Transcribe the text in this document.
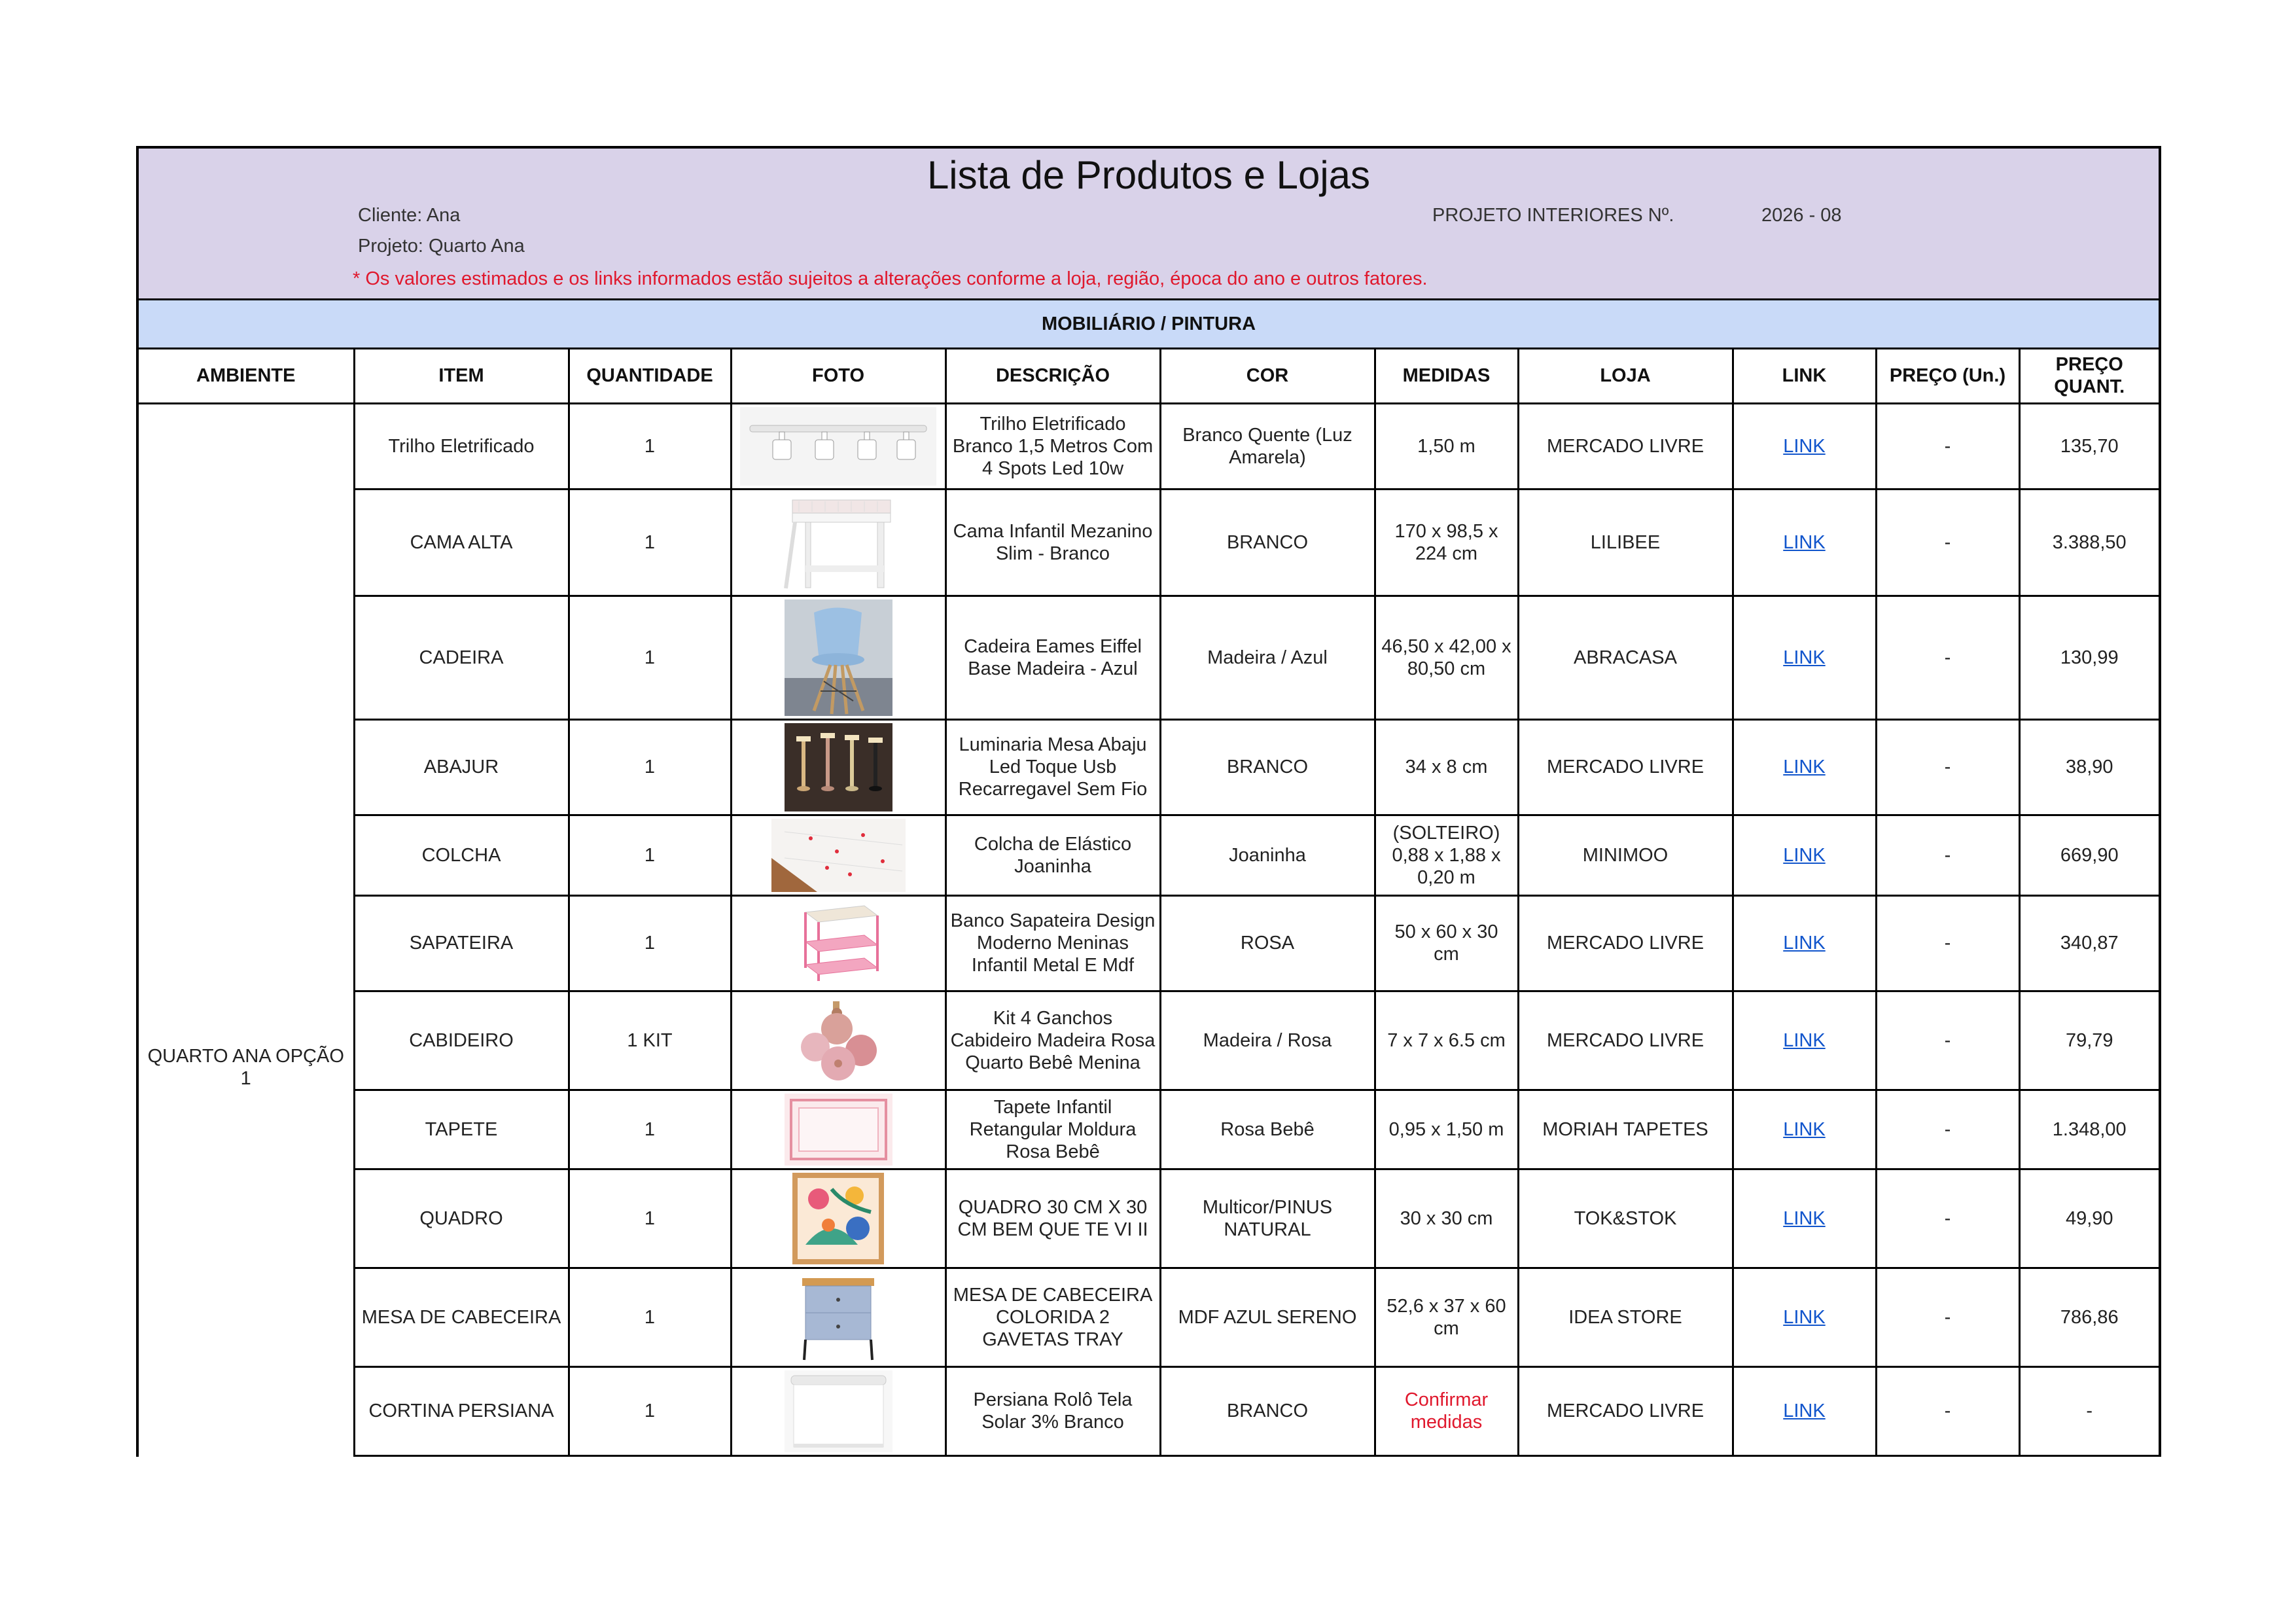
Lista de Produtos e Lojas
Cliente: Ana
Projeto: Quarto Ana
PROJETO INTERIORES Nº.	2026 - 08
* Os valores estimados e os links informados estão sujeitos a alterações conforme a loja, região, época do ano e outros fatores.
MOBILIÁRIO / PINTURA
AMBIENTE	ITEM	QUANTIDADE	FOTO	DESCRIÇÃO	COR	MEDIDAS	LOJA	LINK	PREÇO (Un.)	PREÇO QUANT.
QUARTO ANA OPÇÃO 1	Trilho Eletrificado	1		Trilho Eletrificado Branco 1,5 Metros Com 4 Spots Led 10w	Branco Quente (Luz Amarela)	1,50 m	MERCADO LIVRE	LINK	-	135,70
	CAMA ALTA	1		Cama Infantil Mezanino Slim - Branco	BRANCO	170 x 98,5 x 224 cm	LILIBEE	LINK	-	3.388,50
	CADEIRA	1		Cadeira Eames Eiffel Base Madeira - Azul	Madeira / Azul	46,50 x 42,00 x 80,50 cm	ABRACASA	LINK	-	130,99
	ABAJUR	1		Luminaria Mesa Abaju Led Toque Usb Recarregavel Sem Fio	BRANCO	34 x 8 cm	MERCADO LIVRE	LINK	-	38,90
	COLCHA	1		Colcha de Elástico Joaninha	Joaninha	(SOLTEIRO) 0,88 x 1,88 x 0,20 m	MINIMOO	LINK	-	669,90
	SAPATEIRA	1		Banco Sapateira Design Moderno Meninas Infantil Metal E Mdf	ROSA	50 x 60 x 30 cm	MERCADO LIVRE	LINK	-	340,87
	CABIDEIRO	1 KIT		Kit 4 Ganchos Cabideiro Madeira Rosa Quarto Bebê Menina	Madeira / Rosa	7 x 7 x 6.5 cm	MERCADO LIVRE	LINK	-	79,79
	TAPETE	1		Tapete Infantil Retangular Moldura Rosa Bebê	Rosa Bebê	0,95 x 1,50 m	MORIAH TAPETES	LINK	-	1.348,00
	QUADRO	1		QUADRO 30 CM X 30 CM BEM QUE TE VI II	Multicor/PINUS NATURAL	30 x 30 cm	TOK&STOK	LINK	-	49,90
	MESA DE CABECEIRA	1		MESA DE CABECEIRA COLORIDA 2 GAVETAS TRAY	MDF AZUL SERENO	52,6 x 37 x 60 cm	IDEA STORE	LINK	-	786,86
	CORTINA PERSIANA	1		Persiana Rolô Tela Solar 3% Branco	BRANCO	Confirmar medidas	MERCADO LIVRE	LINK	-	-
